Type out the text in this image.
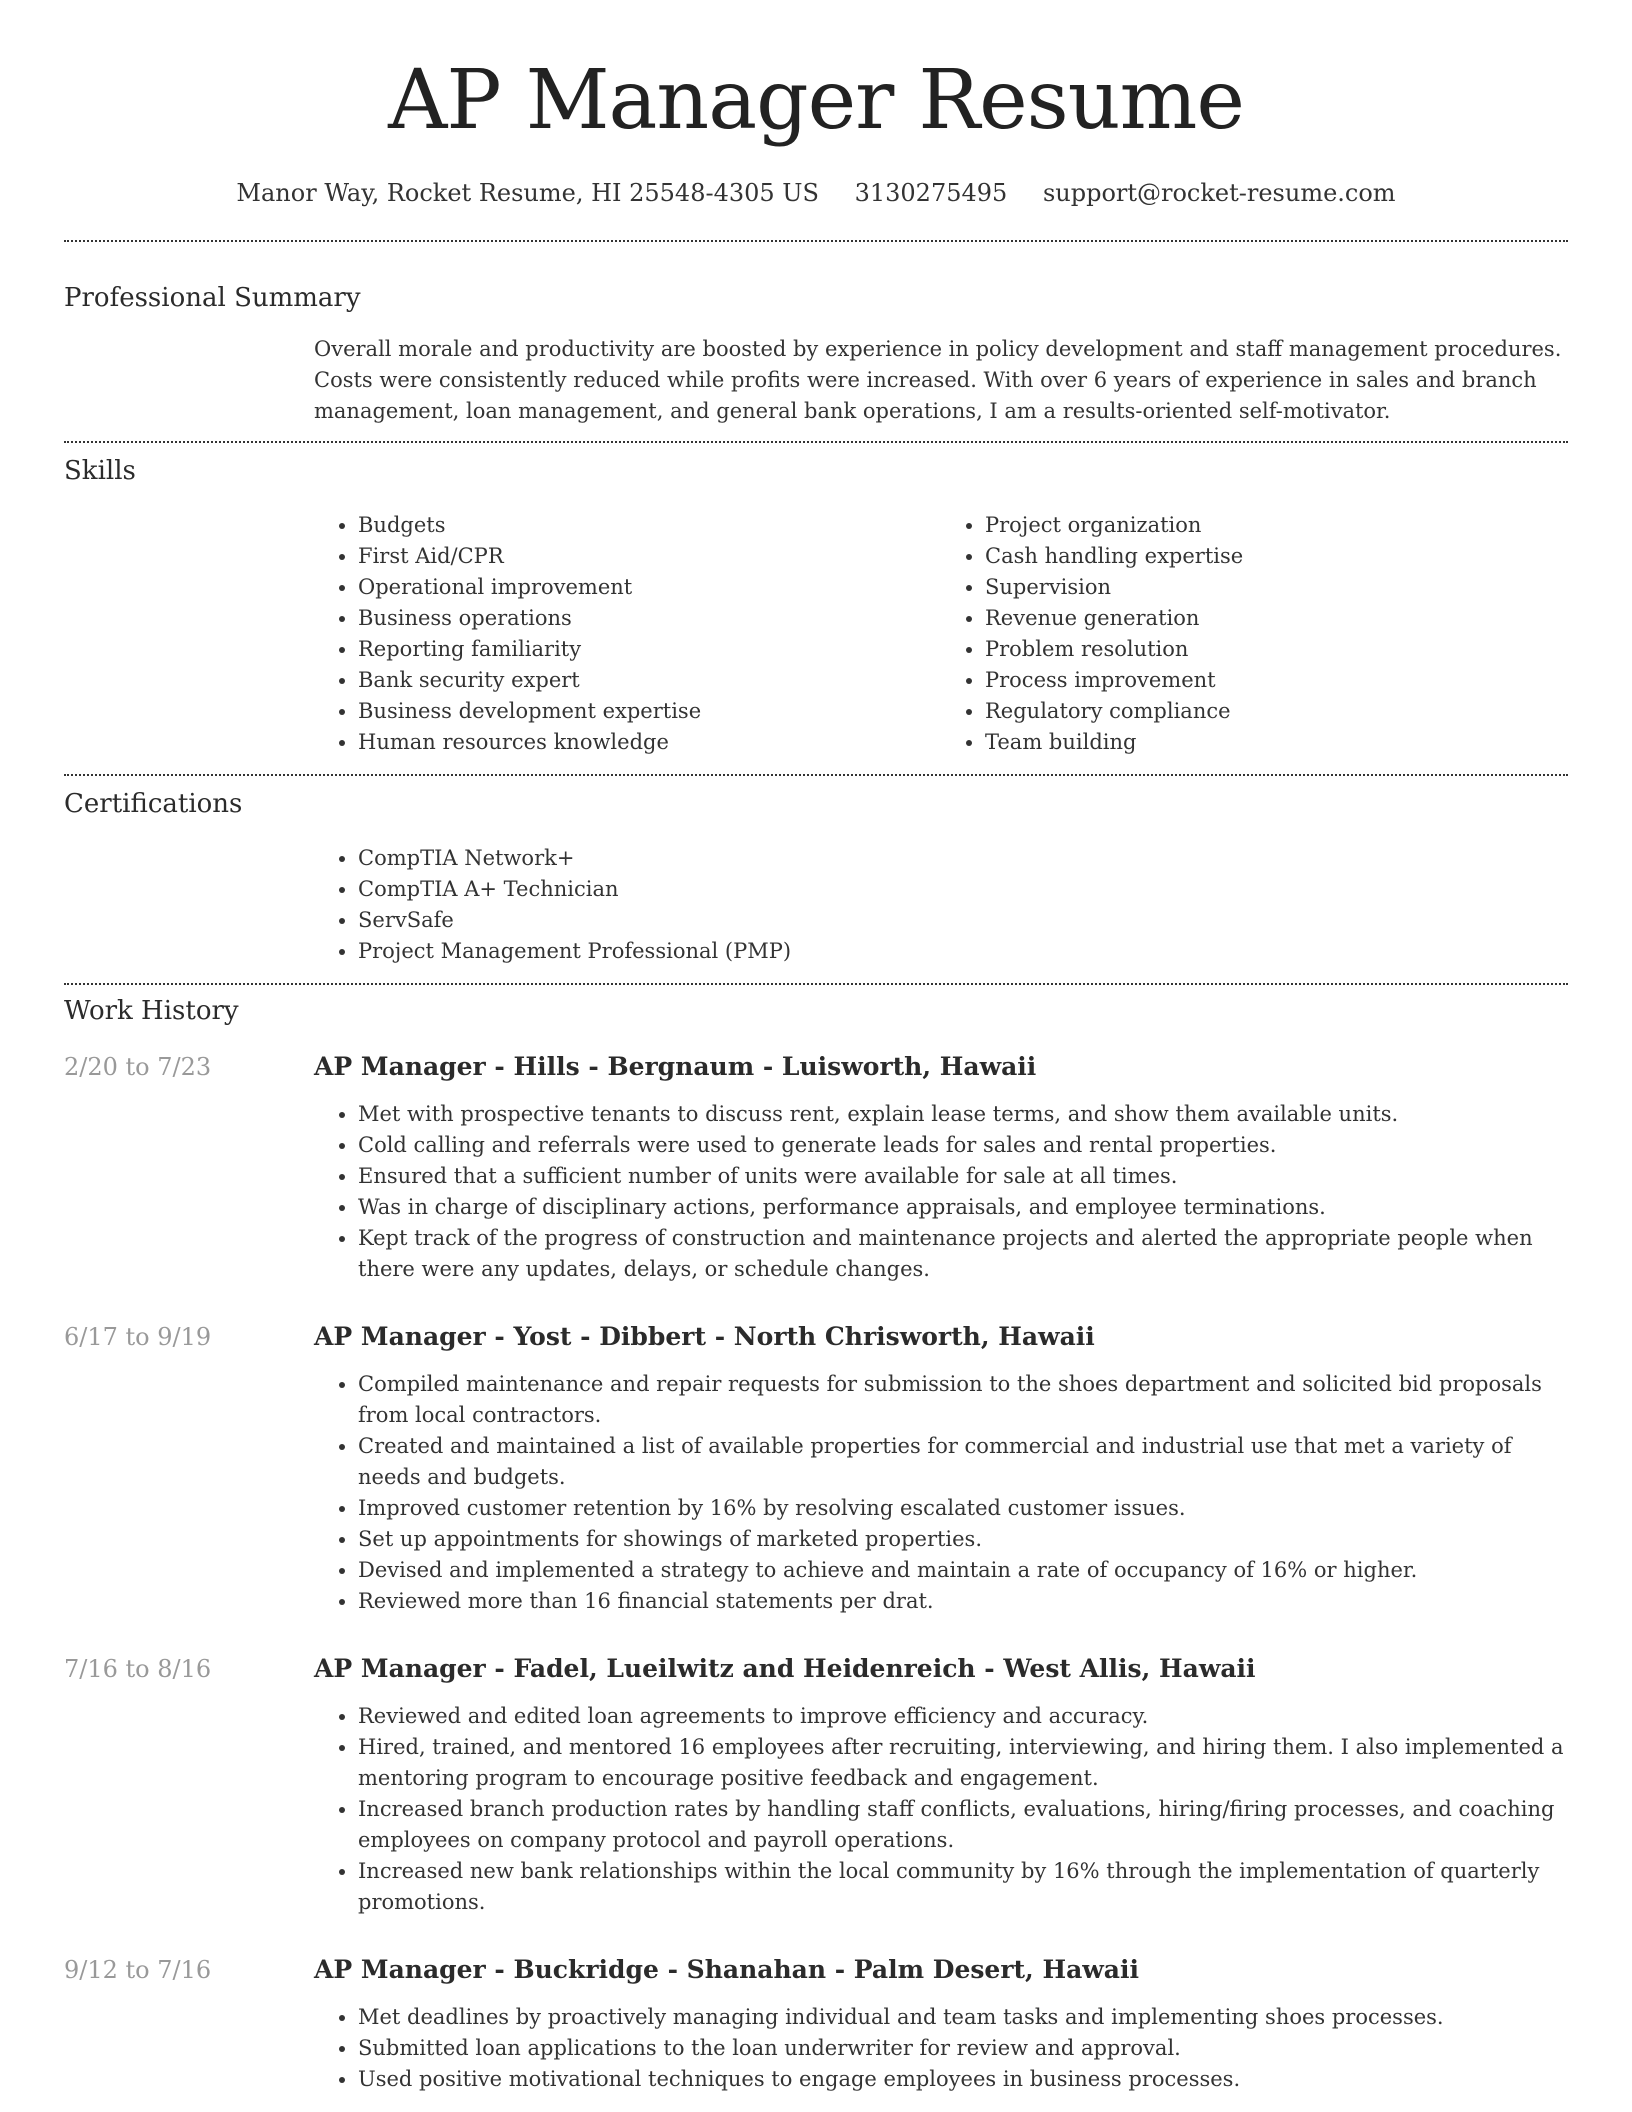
AP Manager Resume
Manor Way, Rocket Resume, HI 25548-4305 US 3130275495 support@rocket-resume.com
Professional Summary

Overall morale and productivity are boosted by experience in policy development and staff management procedures. Costs were consistently reduced while profits were increased. With over 6 years of experience in sales and branch management, loan management, and general bank operations, I am a results-oriented self-motivator.

Skills
• Budgets
• First Aid/CPR
• Operational improvement
• Business operations
• Reporting familiarity
• Bank security expert
• Business development expertise
• Human resources knowledge
• Project organization
• Cash handling expertise
• Supervision
• Revenue generation
• Problem resolution
• Process improvement
• Regulatory compliance
• Team building
Certifications
• CompTIA Network+
• CompTIA A+ Technician
• ServSafe
• Project Management Professional (PMP)
Work History
2/20 to 7/23	AP Manager - Hills - Bergnaum - Luisworth, Hawaii
• Met with prospective tenants to discuss rent, explain lease terms, and show them available units.
• Cold calling and referrals were used to generate leads for sales and rental properties.
• Ensured that a sufficient number of units were available for sale at all times.
• Was in charge of disciplinary actions, performance appraisals, and employee terminations.
• Kept track of the progress of construction and maintenance projects and alerted the appropriate people when there were any updates, delays, or schedule changes.
6/17 to 9/19	AP Manager - Yost - Dibbert - North Chrisworth, Hawaii
• Compiled maintenance and repair requests for submission to the shoes department and solicited bid proposals from local contractors.
• Created and maintained a list of available properties for commercial and industrial use that met a variety of needs and budgets.
• Improved customer retention by 16% by resolving escalated customer issues.
• Set up appointments for showings of marketed properties.
• Devised and implemented a strategy to achieve and maintain a rate of occupancy of 16% or higher.
• Reviewed more than 16 financial statements per drat.
7/16 to 8/16	AP Manager - Fadel, Lueilwitz and Heidenreich - West Allis, Hawaii
• Reviewed and edited loan agreements to improve efficiency and accuracy.
• Hired, trained, and mentored 16 employees after recruiting, interviewing, and hiring them. I also implemented a mentoring program to encourage positive feedback and engagement.
• Increased branch production rates by handling staff conflicts, evaluations, hiring/firing processes, and coaching employees on company protocol and payroll operations.
• Increased new bank relationships within the local community by 16% through the implementation of quarterly promotions.
9/12 to 7/16	AP Manager - Buckridge - Shanahan - Palm Desert, Hawaii
• Met deadlines by proactively managing individual and team tasks and implementing shoes processes.
• Submitted loan applications to the loan underwriter for review and approval.
• Used positive motivational techniques to engage employees in business processes.
